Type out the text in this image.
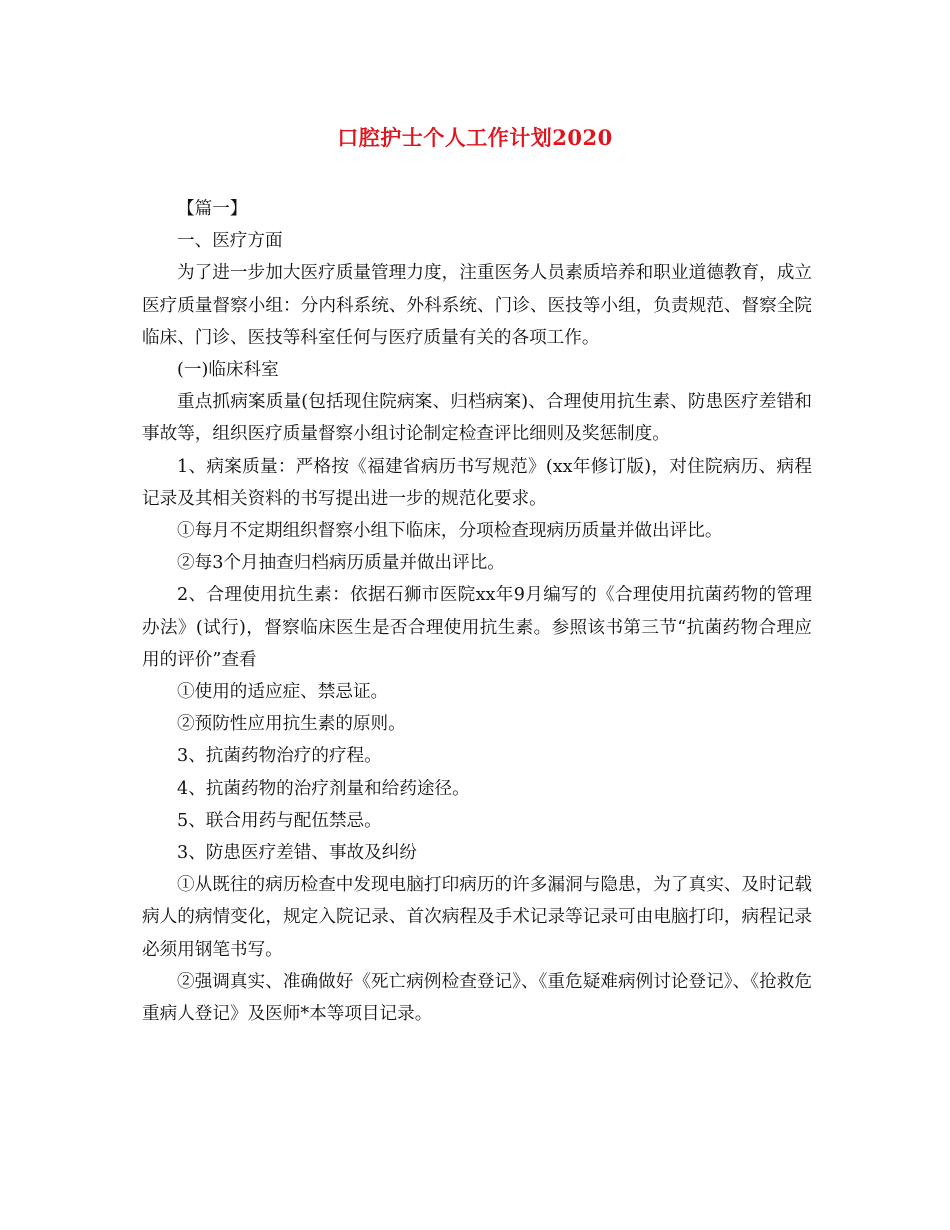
口腔护士个人工作计划2020

【篇一】

一、医疗方面

为了进一步加大医疗质量管理力度，注重医务人员素质培养和职业道德教育，成立医疗质量督察小组：分内科系统、外科系统、门诊、医技等小组，负责规范、督察全院临床、门诊、医技等科室任何与医疗质量有关的各项工作。

(一)临床科室

重点抓病案质量(包括现住院病案、归档病案)、合理使用抗生素、防患医疗差错和事故等，组织医疗质量督察小组讨论制定检查评比细则及奖惩制度。

1、病案质量：严格按《福建省病历书写规范》(xx年修订版)，对住院病历、病程记录及其相关资料的书写提出进一步的规范化要求。

①每月不定期组织督察小组下临床，分项检查现病历质量并做出评比。

②每3个月抽查归档病历质量并做出评比。

2、合理使用抗生素：依据石狮市医院xx年9月编写的《合理使用抗菌药物的管理办法》(试行)，督察临床医生是否合理使用抗生素。参照该书第三节“抗菌药物合理应用的评价”查看

①使用的适应症、禁忌证。

②预防性应用抗生素的原则。

3、抗菌药物治疗的疗程。

4、抗菌药物的治疗剂量和给药途径。

5、联合用药与配伍禁忌。

3、防患医疗差错、事故及纠纷

①从既往的病历检查中发现电脑打印病历的许多漏洞与隐患，为了真实、及时记载病人的病情变化，规定入院记录、首次病程及手术记录等记录可由电脑打印，病程记录必须用钢笔书写。

②强调真实、准确做好《死亡病例检查登记》、《重危疑难病例讨论登记》、《抢救危重病人登记》及医师*本等项目记录。
